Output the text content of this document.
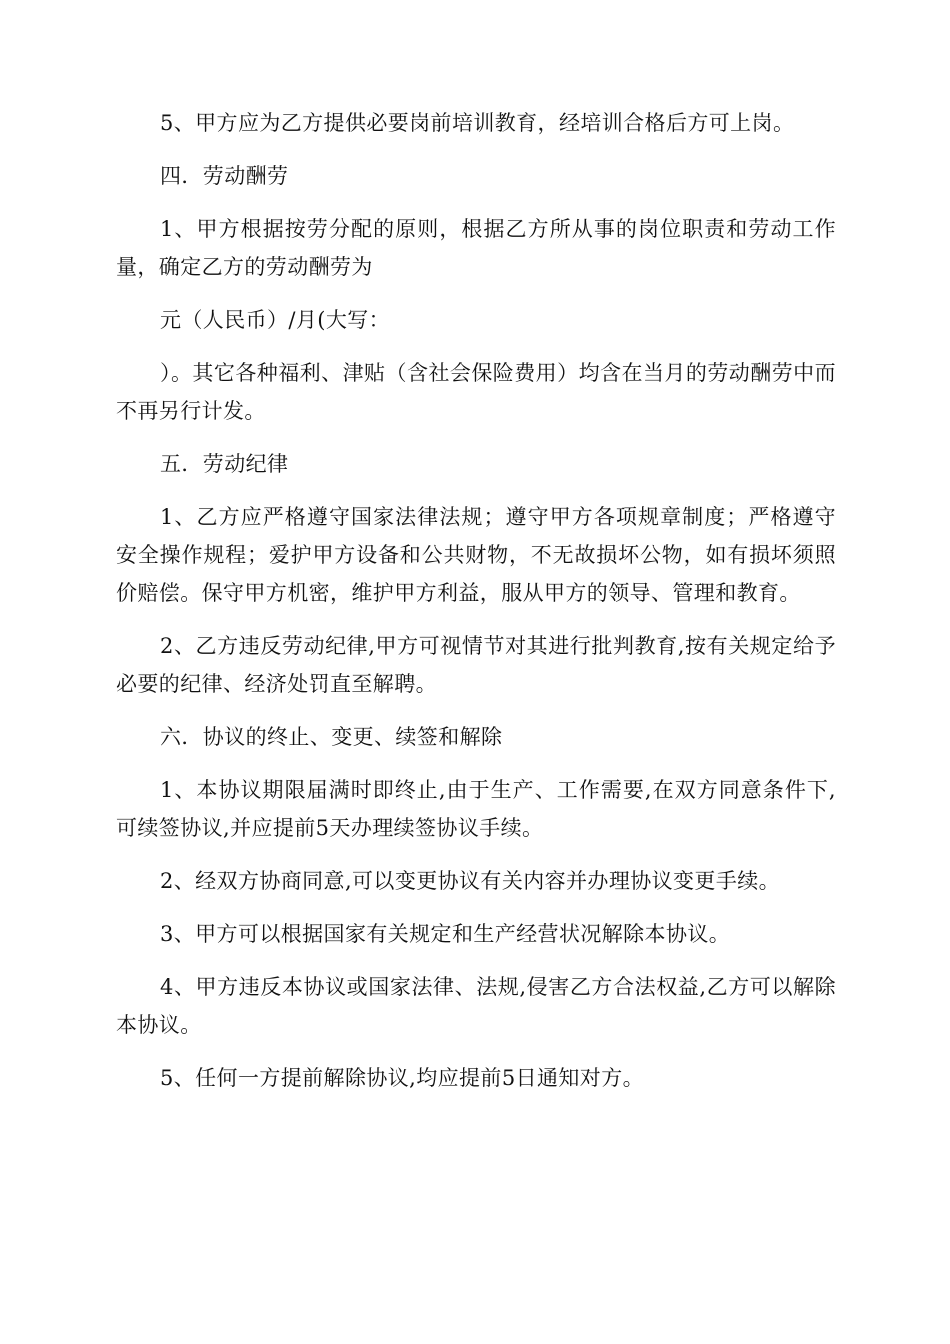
5、甲方应为乙方提供必要岗前培训教育，经培训合格后方可上岗。

四．劳动酬劳

1、甲方根据按劳分配的原则，根据乙方所从事的岗位职责和劳动工作量，确定乙方的劳动酬劳为

元（人民币）/月(大写：

）。其它各种福利、津贴（含社会保险费用）均含在当月的劳动酬劳中而不再另行计发。

五．劳动纪律

1、乙方应严格遵守国家法律法规；遵守甲方各项规章制度；严格遵守安全操作规程；爱护甲方设备和公共财物，不无故损坏公物，如有损坏须照价赔偿。保守甲方机密，维护甲方利益，服从甲方的领导、管理和教育。

2、乙方违反劳动纪律,甲方可视情节对其进行批判教育,按有关规定给予必要的纪律、经济处罚直至解聘。

六．协议的终止、变更、续签和解除

1、本协议期限届满时即终止,由于生产、工作需要,在双方同意条件下,可续签协议,并应提前5天办理续签协议手续。

2、经双方协商同意,可以变更协议有关内容并办理协议变更手续。

3、甲方可以根据国家有关规定和生产经营状况解除本协议。

4、甲方违反本协议或国家法律、法规,侵害乙方合法权益,乙方可以解除本协议。

5、任何一方提前解除协议,均应提前5日通知对方。
